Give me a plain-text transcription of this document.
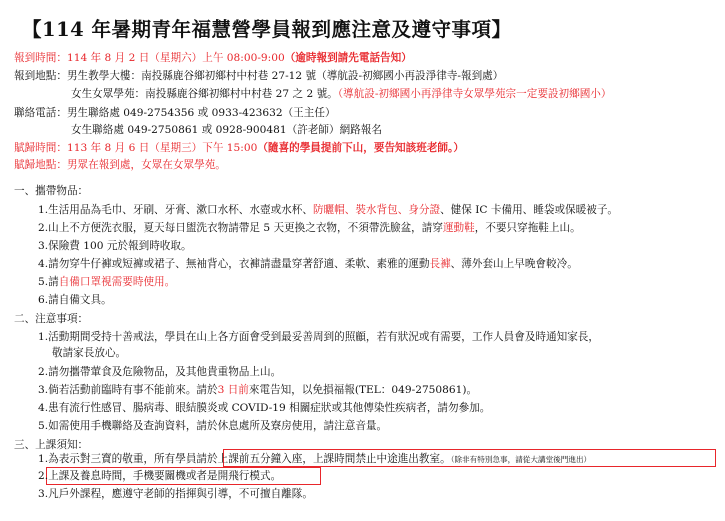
【114 年暑期青年福慧營學員報到應注意及遵守事項】
報到時間：114 年 8 月 2 日（星期六）上午 08:00-9:00（逾時報到請先電話告知）
報到地點：男生教學大樓：南投縣鹿谷鄉初鄉村中村巷 27-12 號（導航設-初鄉國小再設淨律寺-報到處）
女生女眾學苑：南投縣鹿谷鄉初鄉村中村巷 27 之 2 號。（導航設-初鄉國小再淨律寺女眾學苑宗一定要設初鄉國小）
聯絡電話：男生聯絡處 049-2754356 或 0933-423632（王主任）
女生聯絡處 049-2750861 或 0928-900481（許老師）網路報名
賦歸時間：113 年 8 月 6 日（星期三）下午 15:00（隨喜的學員提前下山，要告知該班老師。）
賦歸地點：男眾在報到處，女眾在女眾學苑。
一、攜帶物品：
1.生活用品為毛巾、牙刷、牙膏、漱口水杯、水壺或水杯、防曬帽、裝水背包、身分證、健保 IC 卡備用、睡袋或保暖被子。
2.山上不方便洗衣服，夏天每日盥洗衣物請帶足 5 天更換之衣物，不須帶洗臉盆，請穿運動鞋，不要只穿拖鞋上山。
3.保險費 100 元於報到時收取。
4.請勿穿牛仔褲或短褲或裙子、無袖背心，衣褲請盡量穿著舒適、柔軟、素雅的運動長褲、薄外套山上早晚會較冷。
5.請自備口罩視需要時使用。
6.請自備文具。
二、注意事項：
1.活動期間受持十善戒法，學員在山上各方面會受到最妥善周到的照顧，若有狀況或有需要，工作人員會及時通知家長，
敬請家長放心。
2.請勿攜帶葷食及危險物品，及其他貴重物品上山。
3.倘若活動前臨時有事不能前來。請於3 日前來電告知，以免損福報(TEL：049-2750861)。
4.患有流行性感冒、腸病毒、眼結膜炎或 COVID-19 相關症狀或其他傳染性疾病者，請勿參加。
5.如需使用手機聯絡及查詢資料，請於休息處所及寮房使用，請注意音量。
三、上課須知：
1.為表示對三寶的敬重，所有學員請於上課前五分鐘入座，上課時間禁止中途進出教室。（除非有特別急事，請從大講堂後門進出）
2.上課及養息時間，手機要關機或者是開飛行模式。
3.凡戶外課程，應遵守老師的指揮與引導，不可擅自離隊。
